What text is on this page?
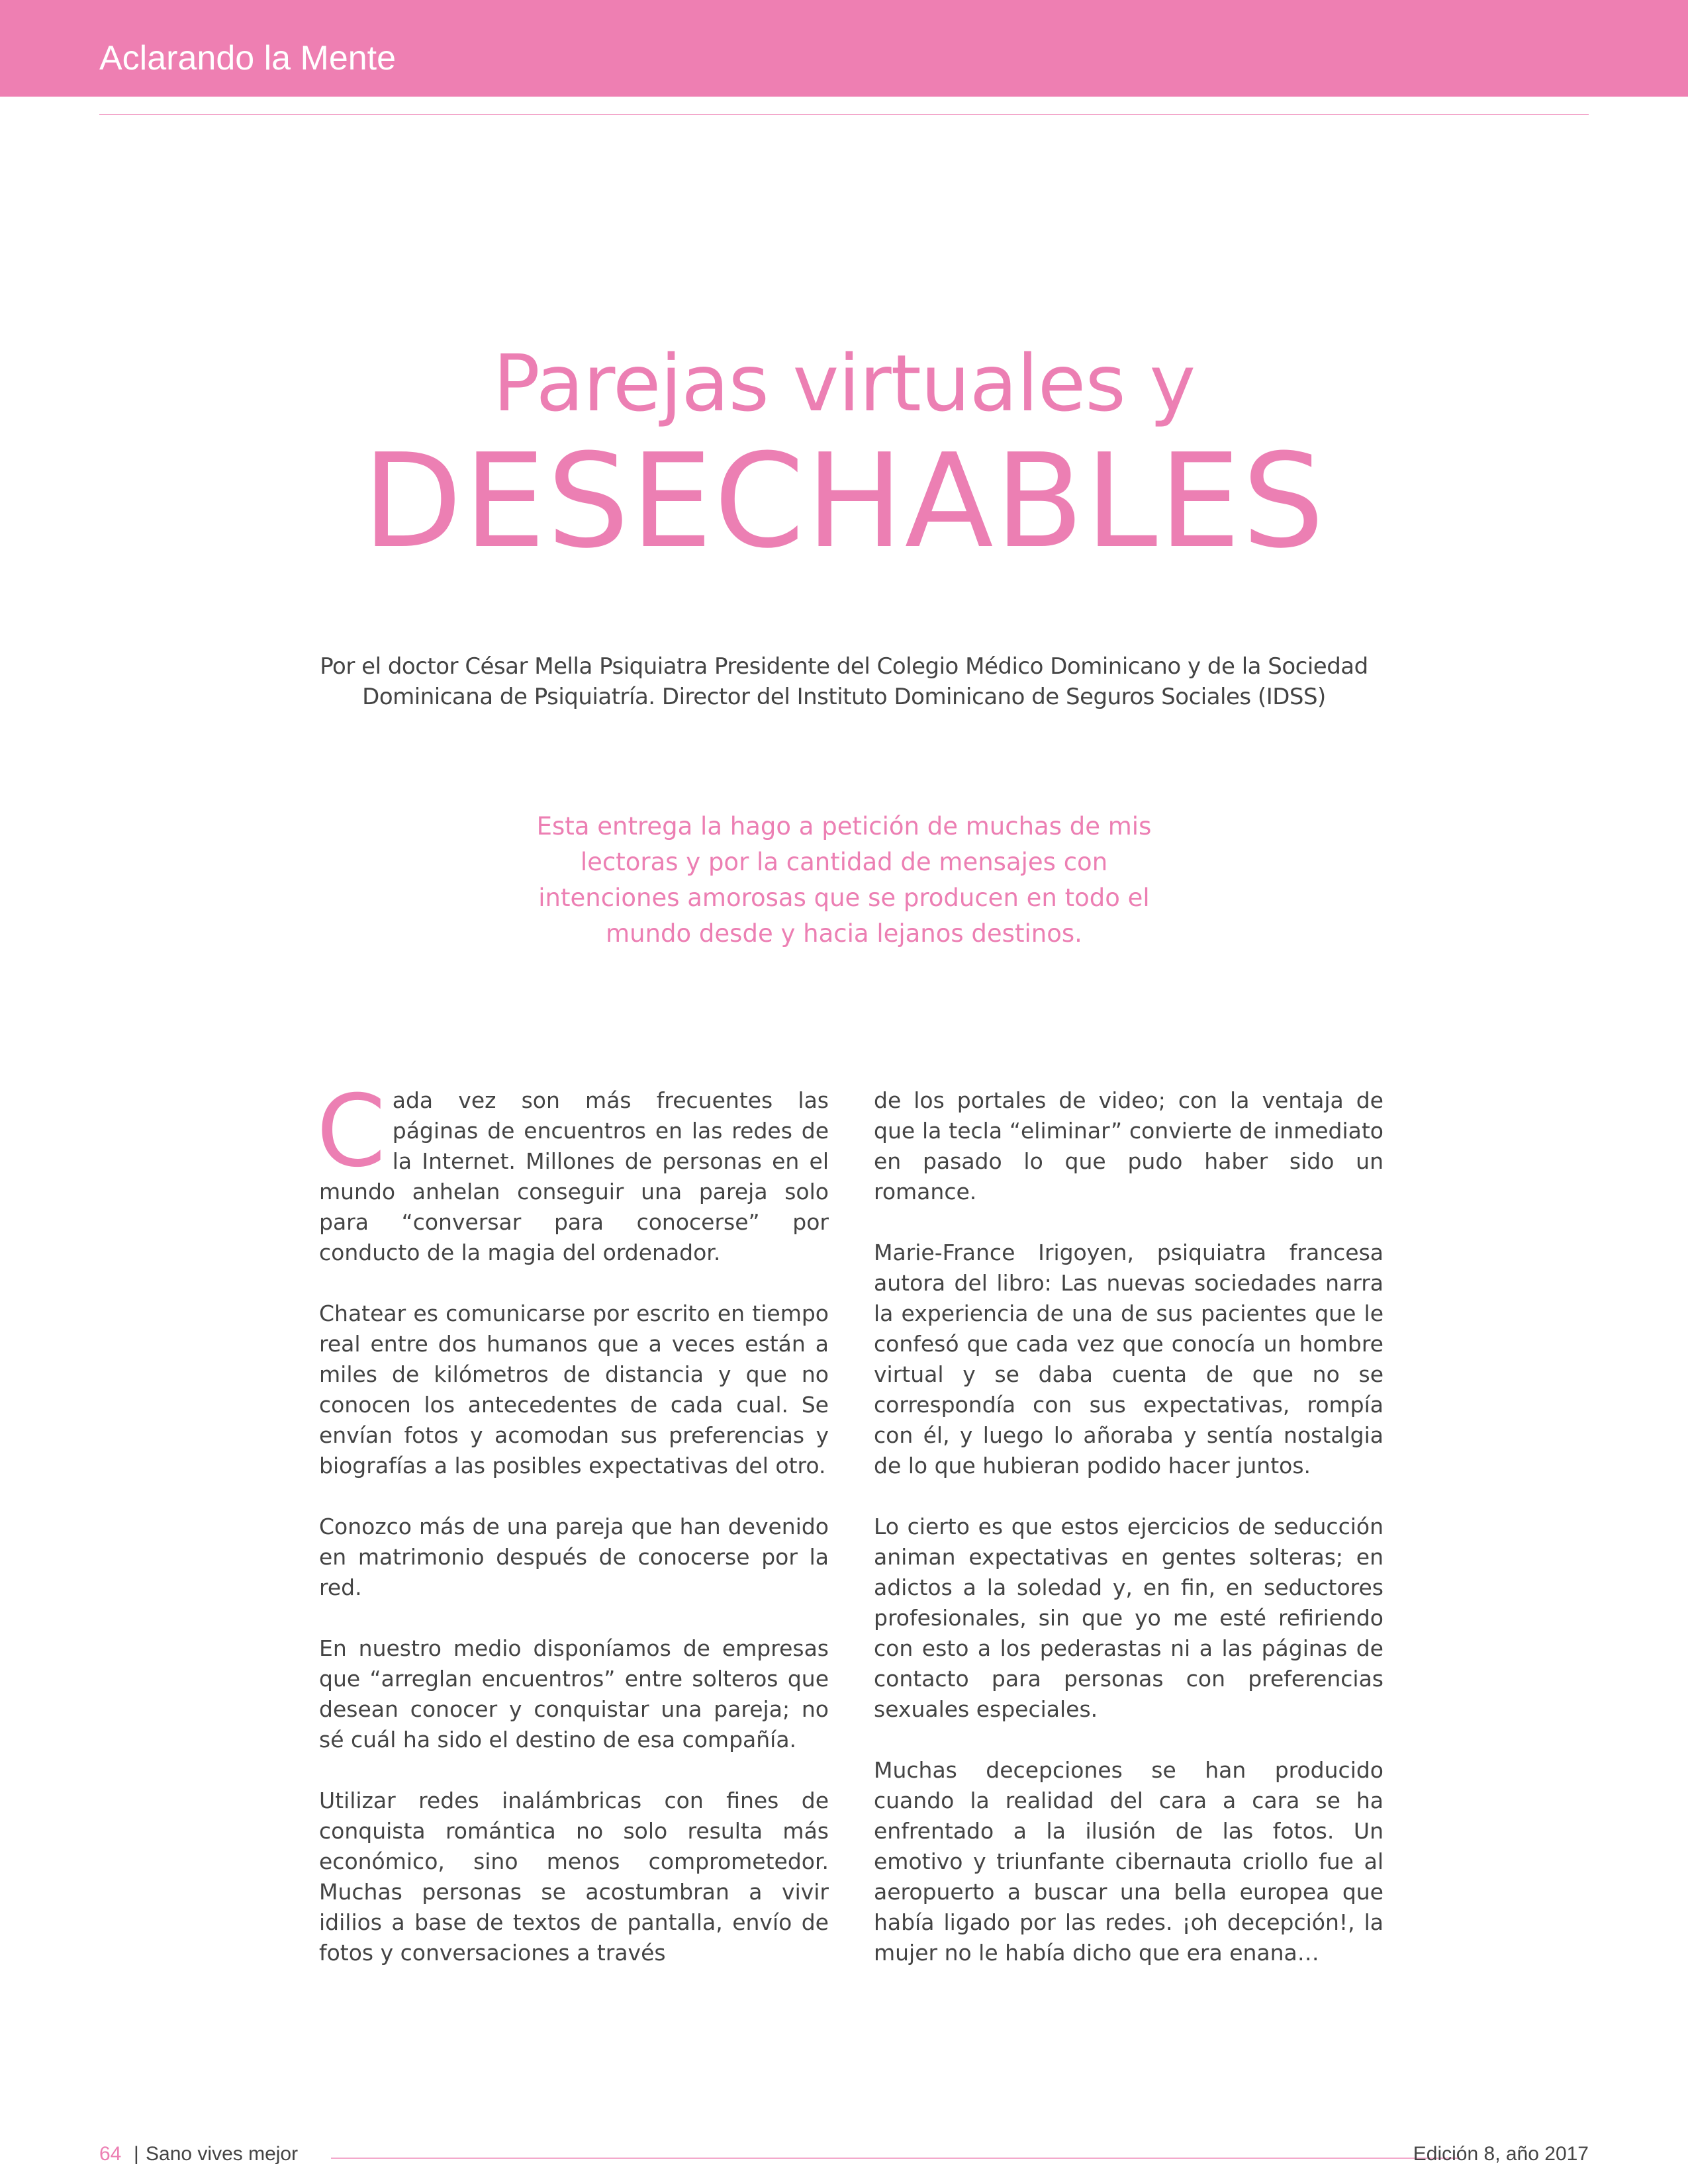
Aclarando la Mente
Parejas virtuales y
DESECHABLES
Por el doctor César Mella Psiquiatra Presidente del Colegio Médico Dominicano y de la Sociedad Dominicana de Psiquiatría. Director del Instituto Dominicano de Seguros Sociales (IDSS)
Esta entrega la hago a petición de muchas de mis lectoras y por la cantidad de mensajes con intenciones amorosas que se producen en todo el mundo desde y hacia lejanos destinos.

Cada vez son más frecuentes las páginas de encuentros en las redes de la Internet. Millones de personas en el mundo anhelan conseguir una pareja solo para “conversar para conocerse” por conducto de la magia del ordenador.

Chatear es comunicarse por escrito en tiempo real entre dos humanos que a veces están a miles de kilómetros de distancia y que no conocen los antecedentes de cada cual. Se envían fotos y acomodan sus preferencias y biografías a las posibles expectativas del otro.

Conozco más de una pareja que han devenido en matrimonio después de conocerse por la red.

En nuestro medio disponíamos de empresas que “arreglan encuentros” entre solteros que desean conocer y conquistar una pareja; no sé cuál ha sido el destino de esa compañía.

Utilizar redes inalámbricas con fines de conquista romántica no solo resulta más económico, sino menos comprometedor. Muchas personas se acostumbran a vivir idilios a base de textos de pantalla, envío de fotos y conversaciones a través

de los portales de video; con la ventaja de que la tecla “eliminar” convierte de inmediato en pasado lo que pudo haber sido un romance.

Marie-France Irigoyen, psiquiatra francesa autora del libro: Las nuevas sociedades narra la experiencia de una de sus pacientes que le confesó que cada vez que conocía un hombre virtual y se daba cuenta de que no se correspondía con sus expectativas, rompía con él, y luego lo añoraba y sentía nostalgia de lo que hubieran podido hacer juntos.

Lo cierto es que estos ejercicios de seducción animan expectativas en gentes solteras; en adictos a la soledad y, en fin, en seductores profesionales, sin que yo me esté refiriendo con esto a los pederastas ni a las páginas de contacto para personas con preferencias sexuales especiales.

Muchas decepciones se han producido cuando la realidad del cara a cara se ha enfrentado a la ilusión de las fotos. Un emotivo y triunfante cibernauta criollo fue al aeropuerto a buscar una bella europea que había ligado por las redes. ¡oh decepción!, la mujer no le había dicho que era enana…

64 | Sano vives mejor	Edición 8, año 2017
